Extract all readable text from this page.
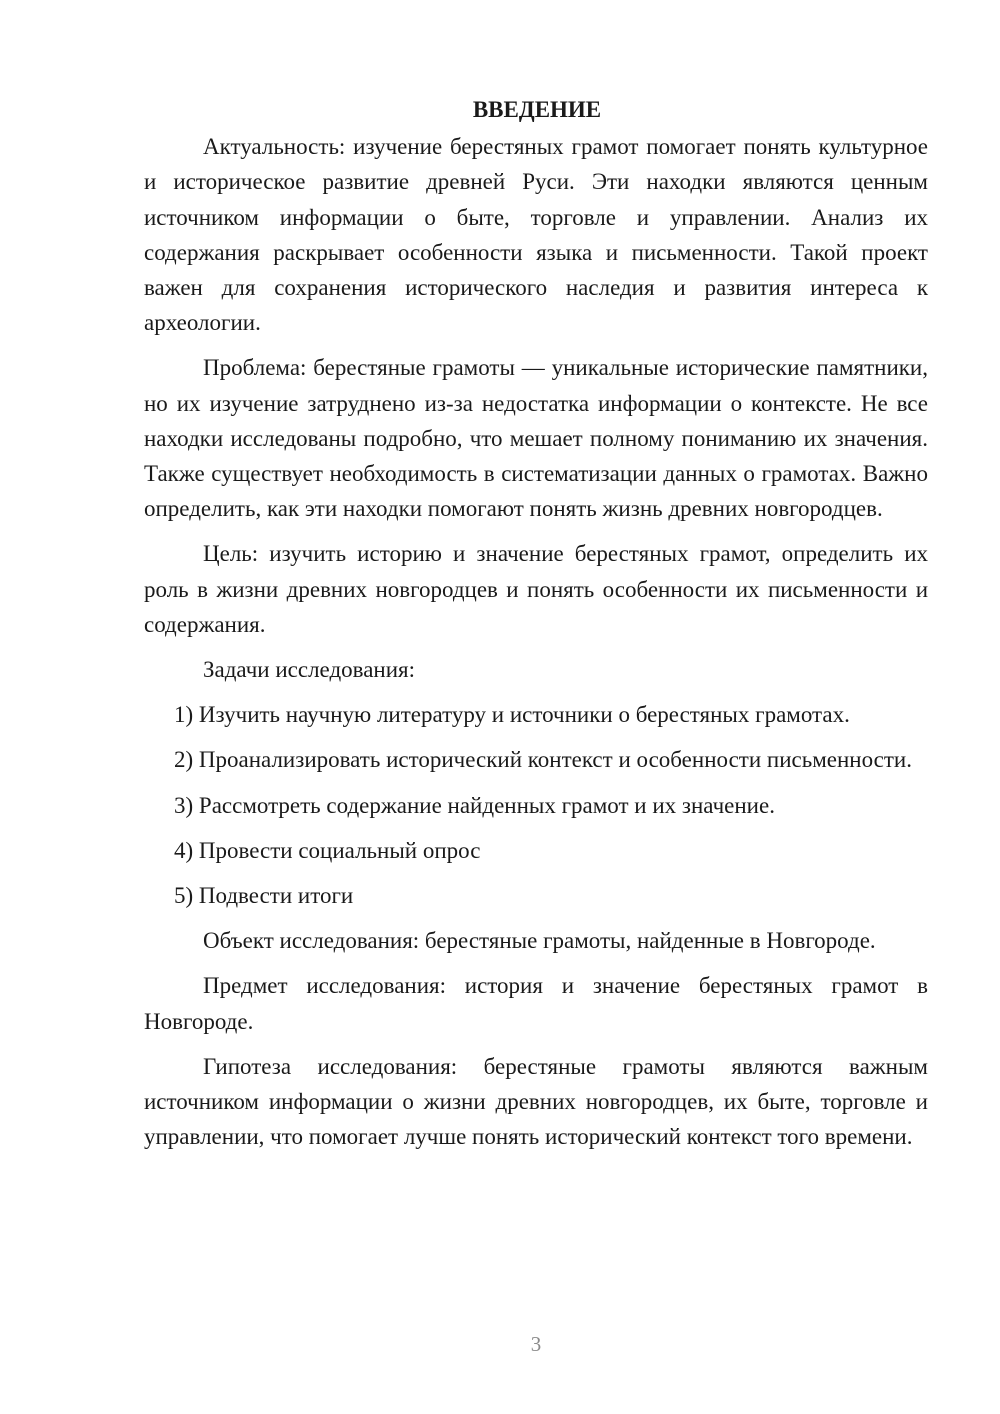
ВВЕДЕНИЕ

Актуальность: изучение берестяных грамот помогает понять культурное и историческое развитие древней Руси. Эти находки являются ценным источником информации о быте, торговле и управлении. Анализ их содержания раскрывает особенности языка и письменности. Такой проект важен для сохранения исторического наследия и развития интереса к археологии.

Проблема: берестяные грамоты — уникальные исторические памятники, но их изучение затруднено из-за недостатка информации о контексте. Не все находки исследованы подробно, что мешает полному пониманию их значения. Также существует необходимость в систематизации данных о грамотах. Важно определить, как эти находки помогают понять жизнь древних новгородцев.

Цель: изучить историю и значение берестяных грамот, определить их роль в жизни древних новгородцев и понять особенности их письменности и содержания.

Задачи исследования:

1) Изучить научную литературу и источники о берестяных грамотах.

2) Проанализировать исторический контекст и особенности письменности.

3) Рассмотреть содержание найденных грамот и их значение.

4) Провести социальный опрос

5) Подвести итоги

Объект исследования: берестяные грамоты, найденные в Новгороде.

Предмет исследования: история и значение берестяных грамот в Новгороде.

Гипотеза исследования: берестяные грамоты являются важным источником информации о жизни древних новгородцев, их быте, торговле и управлении, что помогает лучше понять исторический контекст того времени.

3
